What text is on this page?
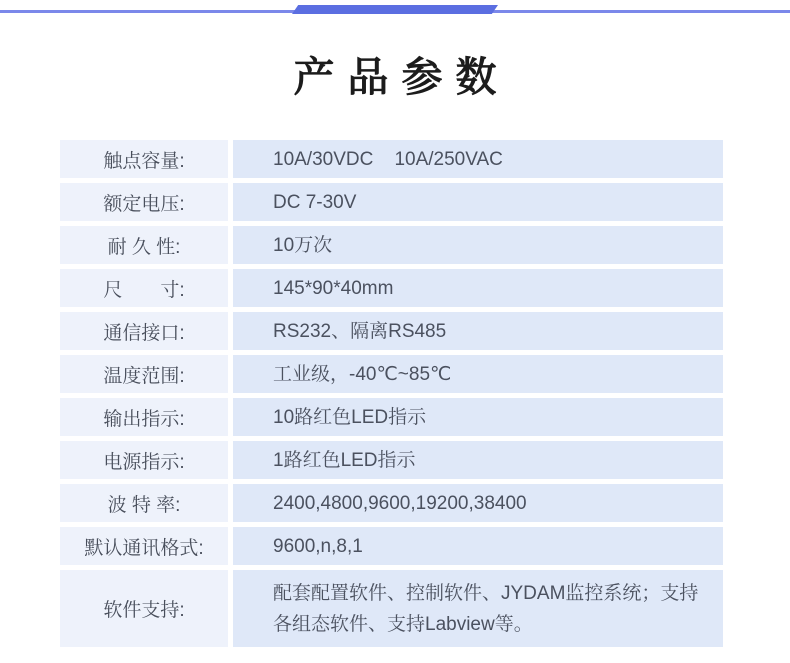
产品参数
触点容量:	10A/30VDC    10A/250VAC
额定电压:	DC 7-30V
耐 久 性:	10万次
尺　　寸:	145*90*40mm
通信接口:	RS232、隔离RS485
温度范围:	工业级，-40℃~85℃
输出指示:	10路红色LED指示
电源指示:	1路红色LED指示
波 特 率:	2400,4800,9600,19200,38400
默认通讯格式:	9600,n,8,1
软件支持:
配套配置软件、控制软件、JYDAM监控系统；支持各组态软件、支持Labview等。
